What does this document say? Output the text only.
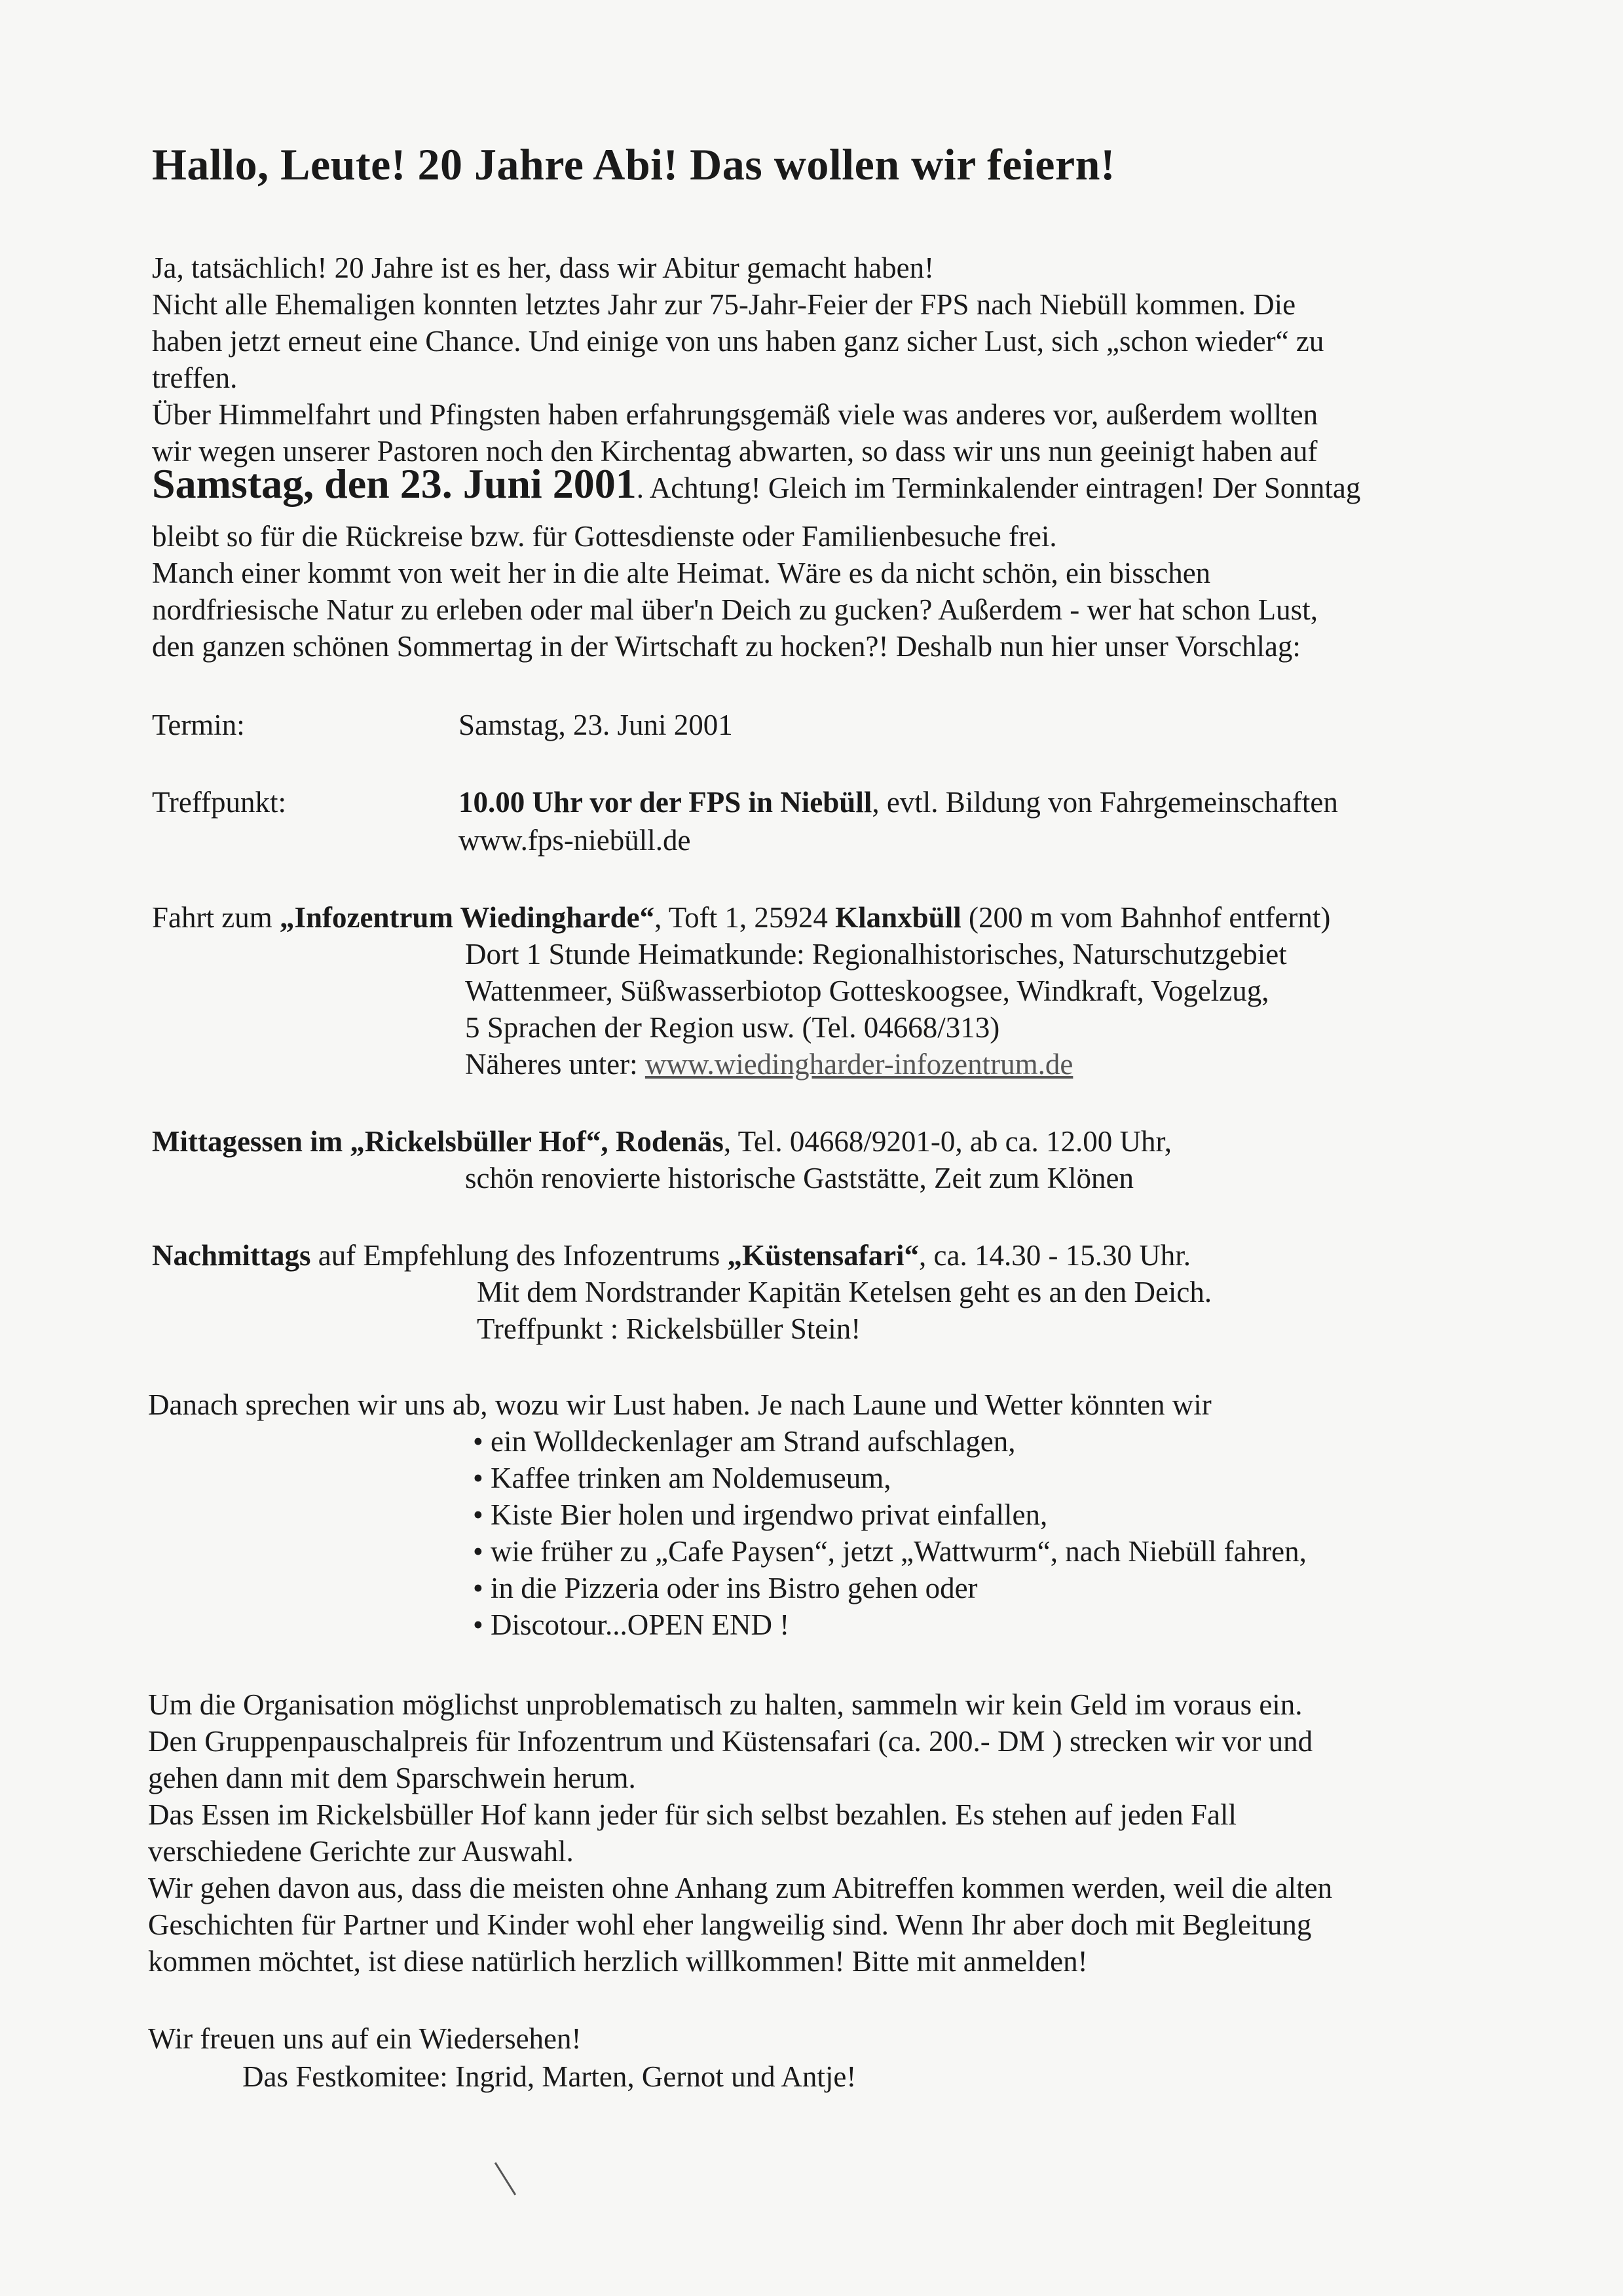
Hallo, Leute! 20 Jahre Abi! Das wollen wir feiern!
Ja, tatsächlich! 20 Jahre ist es her, dass wir Abitur gemacht haben!
Nicht alle Ehemaligen konnten letztes Jahr zur 75-Jahr-Feier der FPS nach Niebüll kommen. Die
haben jetzt erneut eine Chance. Und einige von uns haben ganz sicher Lust, sich „schon wieder“ zu
treffen.
Über Himmelfahrt und Pfingsten haben erfahrungsgemäß viele was anderes vor, außerdem wollten
wir wegen unserer Pastoren noch den Kirchentag abwarten, so dass wir uns nun geeinigt haben auf
Samstag, den 23. Juni 2001. Achtung! Gleich im Terminkalender eintragen! Der Sonntag
bleibt so für die Rückreise bzw. für Gottesdienste oder Familienbesuche frei.
Manch einer kommt von weit her in die alte Heimat. Wäre es da nicht schön, ein bisschen
nordfriesische Natur zu erleben oder mal über'n Deich zu gucken? Außerdem - wer hat schon Lust,
den ganzen schönen Sommertag in der Wirtschaft zu hocken?! Deshalb nun hier unser Vorschlag:
Termin:	Samstag, 23. Juni 2001
Treffpunkt:	10.00 Uhr vor der FPS in Niebüll, evtl. Bildung von Fahrgemeinschaften
www.fps-niebüll.de
Fahrt zum „Infozentrum Wiedingharde“, Toft 1, 25924 Klanxbüll (200 m vom Bahnhof entfernt)
Dort 1 Stunde Heimatkunde: Regionalhistorisches, Naturschutzgebiet
Wattenmeer, Süßwasserbiotop Gotteskoogsee, Windkraft, Vogelzug,
5 Sprachen der Region usw. (Tel. 04668/313)
Näheres unter: www.wiedingharder-infozentrum.de
Mittagessen im „Rickelsbüller Hof“, Rodenäs, Tel. 04668/9201-0, ab ca. 12.00 Uhr,
schön renovierte historische Gaststätte, Zeit zum Klönen
Nachmittags auf Empfehlung des Infozentrums „Küstensafari“, ca. 14.30 - 15.30 Uhr.
Mit dem Nordstrander Kapitän Ketelsen geht es an den Deich.
Treffpunkt : Rickelsbüller Stein!
Danach sprechen wir uns ab, wozu wir Lust haben. Je nach Laune und Wetter könnten wir
• ein Wolldeckenlager am Strand aufschlagen,
• Kaffee trinken am Noldemuseum,
• Kiste Bier holen und irgendwo privat einfallen,
• wie früher zu „Cafe Paysen“, jetzt „Wattwurm“, nach Niebüll fahren,
• in die Pizzeria oder ins Bistro gehen oder
• Discotour...OPEN END !
Um die Organisation möglichst unproblematisch zu halten, sammeln wir kein Geld im voraus ein.
Den Gruppenpauschalpreis für Infozentrum und Küstensafari (ca. 200.- DM ) strecken wir vor und
gehen dann mit dem Sparschwein herum.
Das Essen im Rickelsbüller Hof kann jeder für sich selbst bezahlen. Es stehen auf jeden Fall
verschiedene Gerichte zur Auswahl.
Wir gehen davon aus, dass die meisten ohne Anhang zum Abitreffen kommen werden, weil die alten
Geschichten für Partner und Kinder wohl eher langweilig sind. Wenn Ihr aber doch mit Begleitung
kommen möchtet, ist diese natürlich herzlich willkommen! Bitte mit anmelden!
Wir freuen uns auf ein Wiedersehen!
Das Festkomitee: Ingrid, Marten, Gernot und Antje!
